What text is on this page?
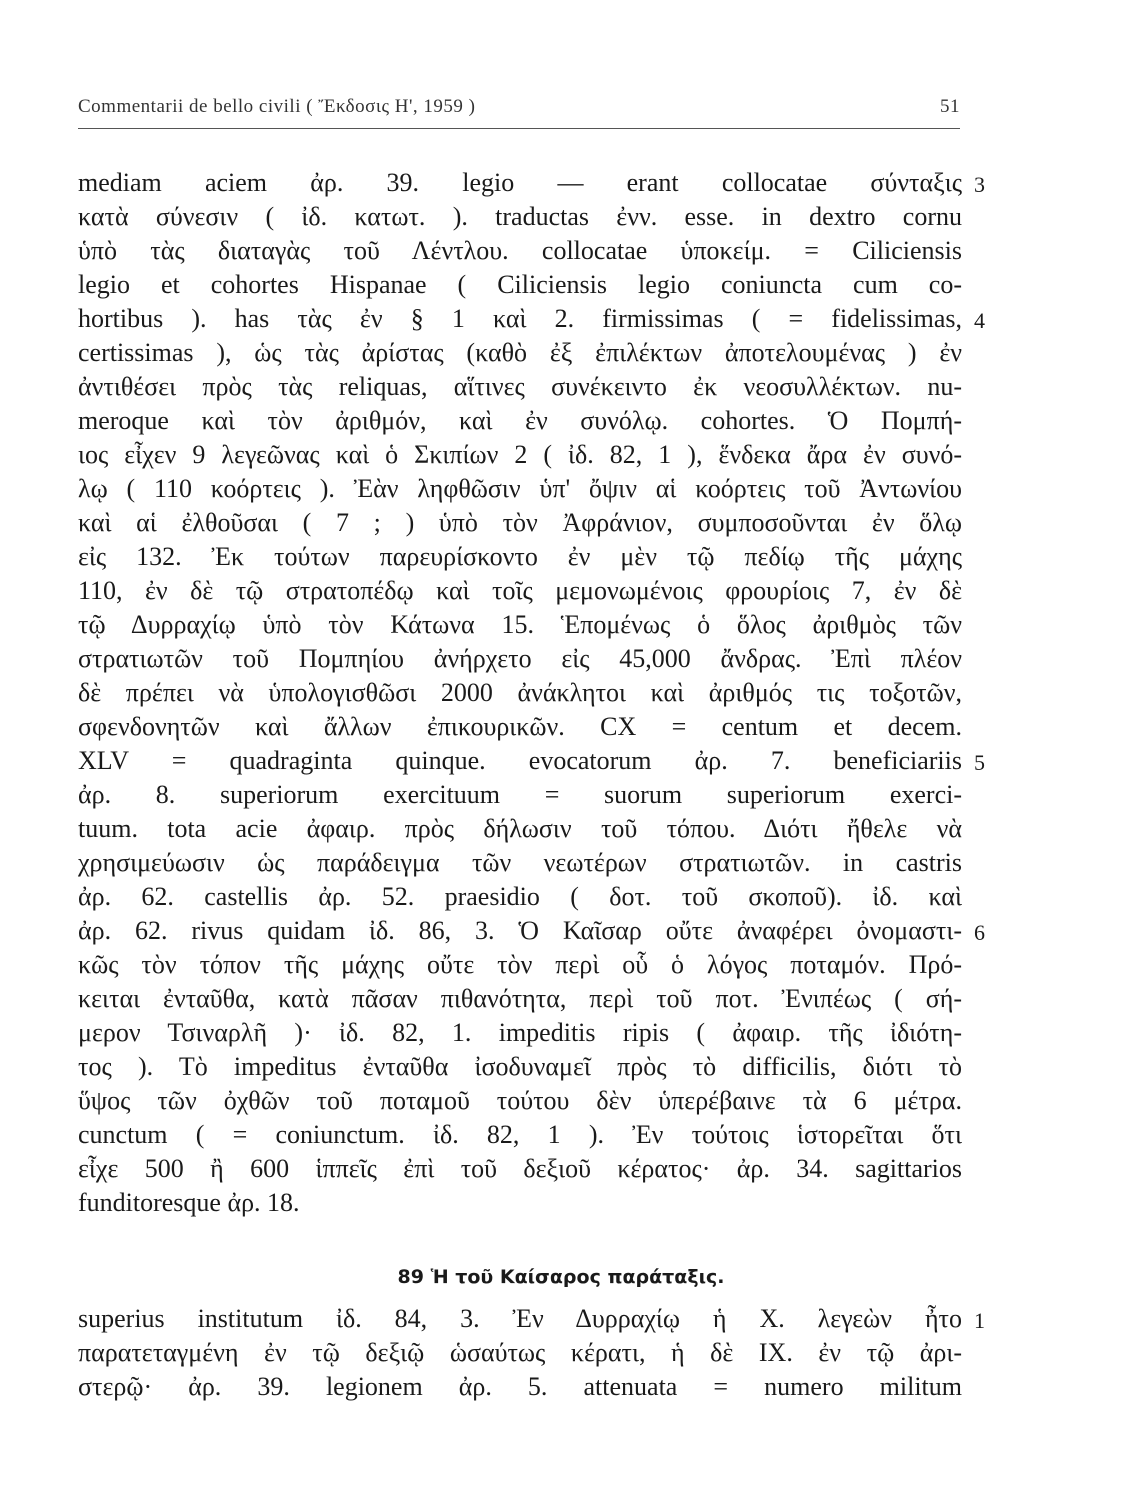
Commentarii de bello civili ( Ἔκδοσις Η', 1959 )	51
mediam aciem ἀρ. 39. legio — erant collocatae σύνταξις
κατὰ σύνεσιν ( ἰδ. κατωτ. ). traductas ἐνν. esse. in dextro cornu
ὑπὸ τὰς διαταγὰς τοῦ Λέντλου. collocatae ὑποκείμ. = Ciliciensis
legio et cohortes Hispanae ( Ciliciensis legio coniuncta cum co-
hortibus ). has τὰς ἐν § 1 καὶ 2. firmissimas ( = fidelissimas,
certissimas ), ὡς τὰς ἀρίστας (καθὸ ἐξ ἐπιλέκτων ἀποτελουμένας ) ἐν
ἀντιθέσει πρὸς τὰς reliquas, αἵτινες συνέκειντο ἐκ νεοσυλλέκτων. nu-
meroque καὶ τὸν ἀριθμόν, καὶ ἐν συνόλῳ. cohortes. Ὁ Πομπή-
ιος εἶχεν 9 λεγεῶνας καὶ ὁ Σκιπίων 2 ( ἰδ. 82, 1 ), ἕνδεκα ἄρα ἐν συνό-
λῳ ( 110 κοόρτεις ). Ἐὰν ληφθῶσιν ὑπ' ὄψιν αἱ κοόρτεις τοῦ Ἀντωνίου
καὶ αἱ ἐλθοῦσαι ( 7 ; ) ὑπὸ τὸν Ἀφράνιον, συμποσοῦνται ἐν ὅλῳ
εἰς 132. Ἐκ τούτων παρευρίσκοντο ἐν μὲν τῷ πεδίῳ τῆς μάχης
110, ἐν δὲ τῷ στρατοπέδῳ καὶ τοῖς μεμονωμένοις φρουρίοις 7, ἐν δὲ
τῷ Δυρραχίῳ ὑπὸ τὸν Κάτωνα 15. Ἑπομένως ὁ ὅλος ἀριθμὸς τῶν
στρατιωτῶν τοῦ Πομπηίου ἀνήρχετο εἰς 45,000 ἄνδρας. Ἐπὶ πλέον
δὲ πρέπει νὰ ὑπολογισθῶσι 2000 ἀνάκλητοι καὶ ἀριθμός τις τοξοτῶν,
σφενδονητῶν καὶ ἄλλων ἐπικουρικῶν. CX = centum et decem.
XLV = quadraginta quinque. evocatorum ἀρ. 7. beneficiariis
ἀρ. 8. superiorum exercituum = suorum superiorum exerci-
tuum. tota acie ἀφαιρ. πρὸς δήλωσιν τοῦ τόπου. Διότι ἤθελε νὰ
χρησιμεύωσιν ὡς παράδειγμα τῶν νεωτέρων στρατιωτῶν. in castris
ἀρ. 62. castellis ἀρ. 52. praesidio ( δοτ. τοῦ σκοποῦ). ἰδ. καὶ
ἀρ. 62. rivus quidam ἰδ. 86, 3. Ὁ Καῖσαρ οὔτε ἀναφέρει ὀνομαστι-
κῶς τὸν τόπον τῆς μάχης οὔτε τὸν περὶ οὗ ὁ λόγος ποταμόν. Πρό-
κειται ἐνταῦθα, κατὰ πᾶσαν πιθανότητα, περὶ τοῦ ποτ. Ἐνιπέως ( σή-
μερον Τσιναρλῆ )· ἰδ. 82, 1. impeditis ripis ( ἀφαιρ. τῆς ἰδιότη-
τος ). Τὸ impeditus ἐνταῦθα ἰσοδυναμεῖ πρὸς τὸ difficilis, διότι τὸ
ὕψος τῶν ὀχθῶν τοῦ ποταμοῦ τούτου δὲν ὑπερέβαινε τὰ 6 μέτρα.
cunctum ( = coniunctum. ἰδ. 82, 1 ). Ἐν τούτοις ἱστορεῖται ὅτι
εἶχε 500 ἢ 600 ἱππεῖς ἐπὶ τοῦ δεξιοῦ κέρατος· ἀρ. 34. sagittarios
funditoresque ἀρ. 18.
89 Ἡ τοῦ Καίσαρος παράταξις.
superius institutum ἰδ. 84, 3. Ἐν Δυρραχίῳ ἡ X. λεγεὼν ἦτο
παρατεταγμένη ἐν τῷ δεξιῷ ὡσαύτως κέρατι, ἡ δὲ IX. ἐν τῷ ἀρι-
στερῷ· ἀρ. 39. legionem ἀρ. 5. attenuata = numero militum
3
4
5
6
1
